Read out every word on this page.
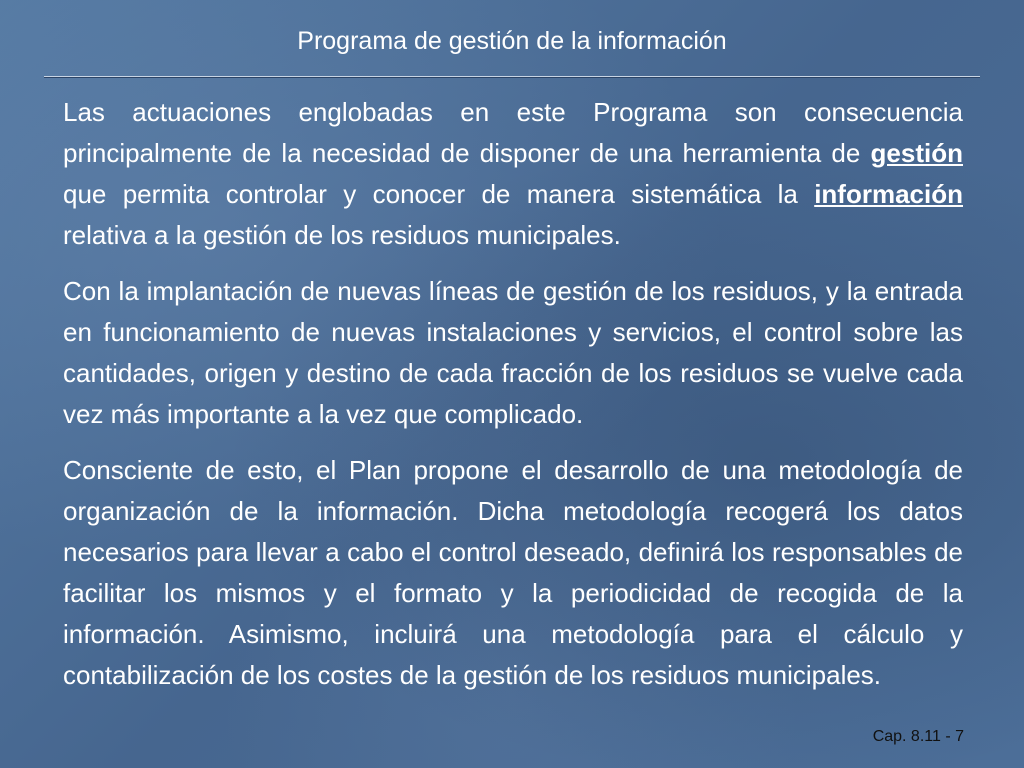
Programa de gestión de la información

Las actuaciones englobadas en este Programa son consecuencia principalmente de la necesidad de disponer de una herramienta de gestión que permita controlar y conocer de manera sistemática la información relativa a la gestión de los residuos municipales.

Con la implantación de nuevas líneas de gestión de los residuos, y la entrada en funcionamiento de nuevas instalaciones y servicios, el control sobre las cantidades, origen y destino de cada fracción de los residuos se vuelve cada vez más importante a la vez que complicado.

Consciente de esto, el Plan propone el desarrollo de una metodología de organización de la información. Dicha metodología recogerá los datos necesarios para llevar a cabo el control deseado, definirá los responsables de facilitar los mismos y el formato y la periodicidad de recogida de la información. Asimismo, incluirá una metodología para el cálculo y contabilización de los costes de la gestión de los residuos municipales.

Cap. 8.11 - 7
